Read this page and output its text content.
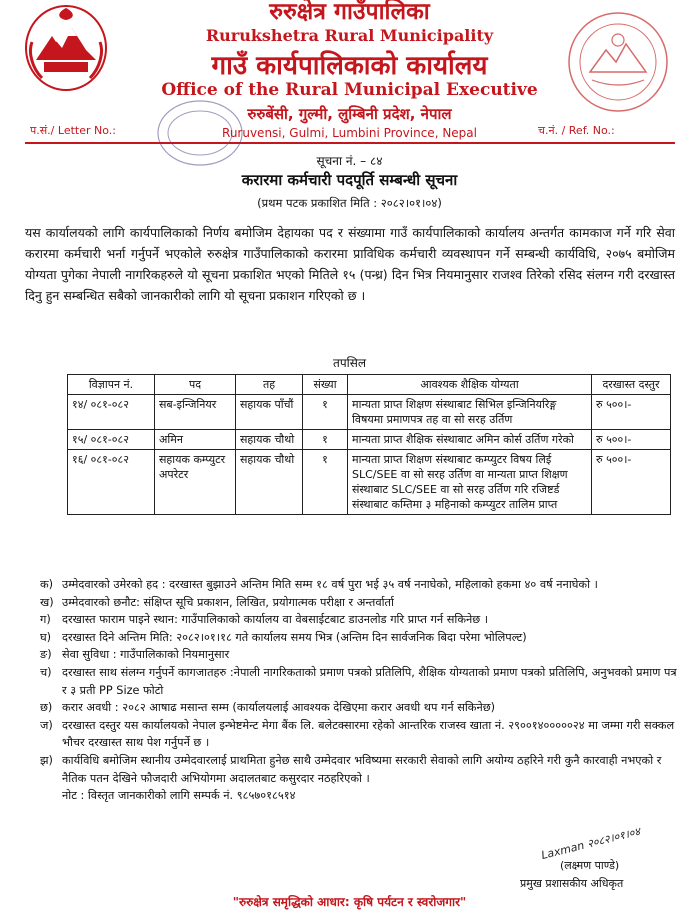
रुरुक्षेत्र गाउँपालिका
Rurukshetra Rural Municipality
गाउँ कार्यपालिकाको कार्यालय
Office of the Rural Municipal Executive
रुरुबेंसी, गुल्मी, लुम्बिनी प्रदेश, नेपाल
Ruruvensi, Gulmi, Lumbini Province, Nepal
प.सं./ Letter No.:	च.नं. / Ref. No.:
सूचना नं. – ८४
करारमा कर्मचारी पदपूर्ति सम्बन्धी सूचना
(प्रथम पटक प्रकाशित मिति : २०८२।०१।०४)
यस कार्यालयको लागि कार्यपालिकाको निर्णय बमोजिम देहायका पद र संख्यामा गाउँ कार्यपालिकाको कार्यालय अन्तर्गत कामकाज गर्ने गरि सेवा करारमा कर्मचारी भर्ना गर्नुपर्ने भएकोले रुरुक्षेत्र गाउँपालिकाको करारमा प्राविधिक कर्मचारी व्यवस्थापन गर्ने सम्बन्धी कार्यविधि, २०७५ बमोजिम योग्यता पुगेका नेपाली नागरिकहरुले यो सूचना प्रकाशित भएको मितिले १५ (पन्ध्र) दिन भित्र नियमानुसार राजश्व तिरेको रसिद संलग्न गरी दरखास्त दिनु हुन सम्बन्धित सबैको जानकारीको लागि यो सूचना प्रकाशन गरिएको छ ।
तपसिल
विज्ञापन नं.	पद	तह	संख्या	आवश्यक शैक्षिक योग्यता	दरखास्त दस्तुर
१४/ ०८१-०८२	सब-इन्जिनियर	सहायक पाँचौं	१	मान्यता प्राप्त शिक्षण संस्थाबाट सिभिल इन्जिनियरिङ्ग विषयमा प्रमाणपत्र तह वा सो सरह उर्तिण	रु ५००।-
१५/ ०८१-०८२	अमिन	सहायक चौथो	१	मान्यता प्राप्त शैक्षिक संस्थाबाट अमिन कोर्स उर्तिण गरेको	रु ५००।-
१६/ ०८१-०८२	सहायक कम्प्युटर अपरेटर	सहायक चौथो	१	मान्यता प्राप्त शिक्षण संस्थाबाट कम्प्युटर विषय लिई SLC/SEE वा सो सरह उर्तिण वा मान्यता प्राप्त शिक्षण संस्थाबाट SLC/SEE वा सो सरह उर्तिण गरि रजिष्टर्ड संस्थाबाट कम्तिमा ३ महिनाको कम्प्युटर तालिम प्राप्त	रु ५००।-
क) उम्मेदवारको उमेरको हद : दरखास्त बुझाउने अन्तिम मिति सम्म १८ वर्ष पुरा भई ३५ वर्ष ननाघेको, महिलाको हकमा ४० वर्ष ननाघेको ।
ख) उम्मेदवारको छनौट: संक्षिप्त सूचि प्रकाशन, लिखित, प्रयोगात्मक परीक्षा र अन्तर्वार्ता
ग) दरखास्त फाराम पाइने स्थान: गाउँपालिकाको कार्यालय वा वेबसाईटबाट डाउनलोड गरि प्राप्त गर्न सकिनेछ ।
घ) दरखास्त दिने अन्तिम मिति: २०८२।०१।१८ गते कार्यालय समय भित्र (अन्तिम दिन सार्वजनिक बिदा परेमा भोलिपल्ट)
ङ) सेवा सुविधा : गाउँपालिकाको नियमानुसार
च) दरखास्त साथ संलग्न गर्नुपर्ने कागजातहरु :नेपाली नागरिकताको प्रमाण पत्रको प्रतिलिपि, शैक्षिक योग्यताको प्रमाण पत्रको प्रतिलिपि, अनुभवको प्रमाण पत्र र ३ प्रती PP Size फोटो
छ) करार अवधी : २०८२ आषाढ मसान्त सम्म (कार्यालयलाई आवश्यक देखिएमा करार अवधी थप गर्न सकिनेछ)
ज) दरखास्त दस्तुर यस कार्यालयको नेपाल इन्भेष्टमेन्ट मेगा बैंक लि. बलेटक्सारमा रहेको आन्तरिक राजस्व खाता नं. २९००१४०००००२४ मा जम्मा गरी सक्कल भौचर दरखास्त साथ पेश गर्नुपर्ने छ ।
झ) कार्यविधि बमोजिम स्थानीय उम्मेदवारलाई प्राथमिता हुनेछ साथै उम्मेदवार भविष्यमा सरकारी सेवाको लागि अयोग्य ठहरिने गरी कुनै कारवाही नभएको र नैतिक पतन देखिने फौजदारी अभियोगमा अदालतबाट कसुरदार नठहरिएको ।
नोट : विस्तृत जानकारीको लागि सम्पर्क नं. ९८५७०१८५१४
Laxman २०८२।०१।०४
(लक्ष्मण पाण्डे)
प्रमुख प्रशासकीय अधिकृत
"रुरुक्षेत्र समृद्धिको आधार: कृषि पर्यटन र स्वरोजगार"
